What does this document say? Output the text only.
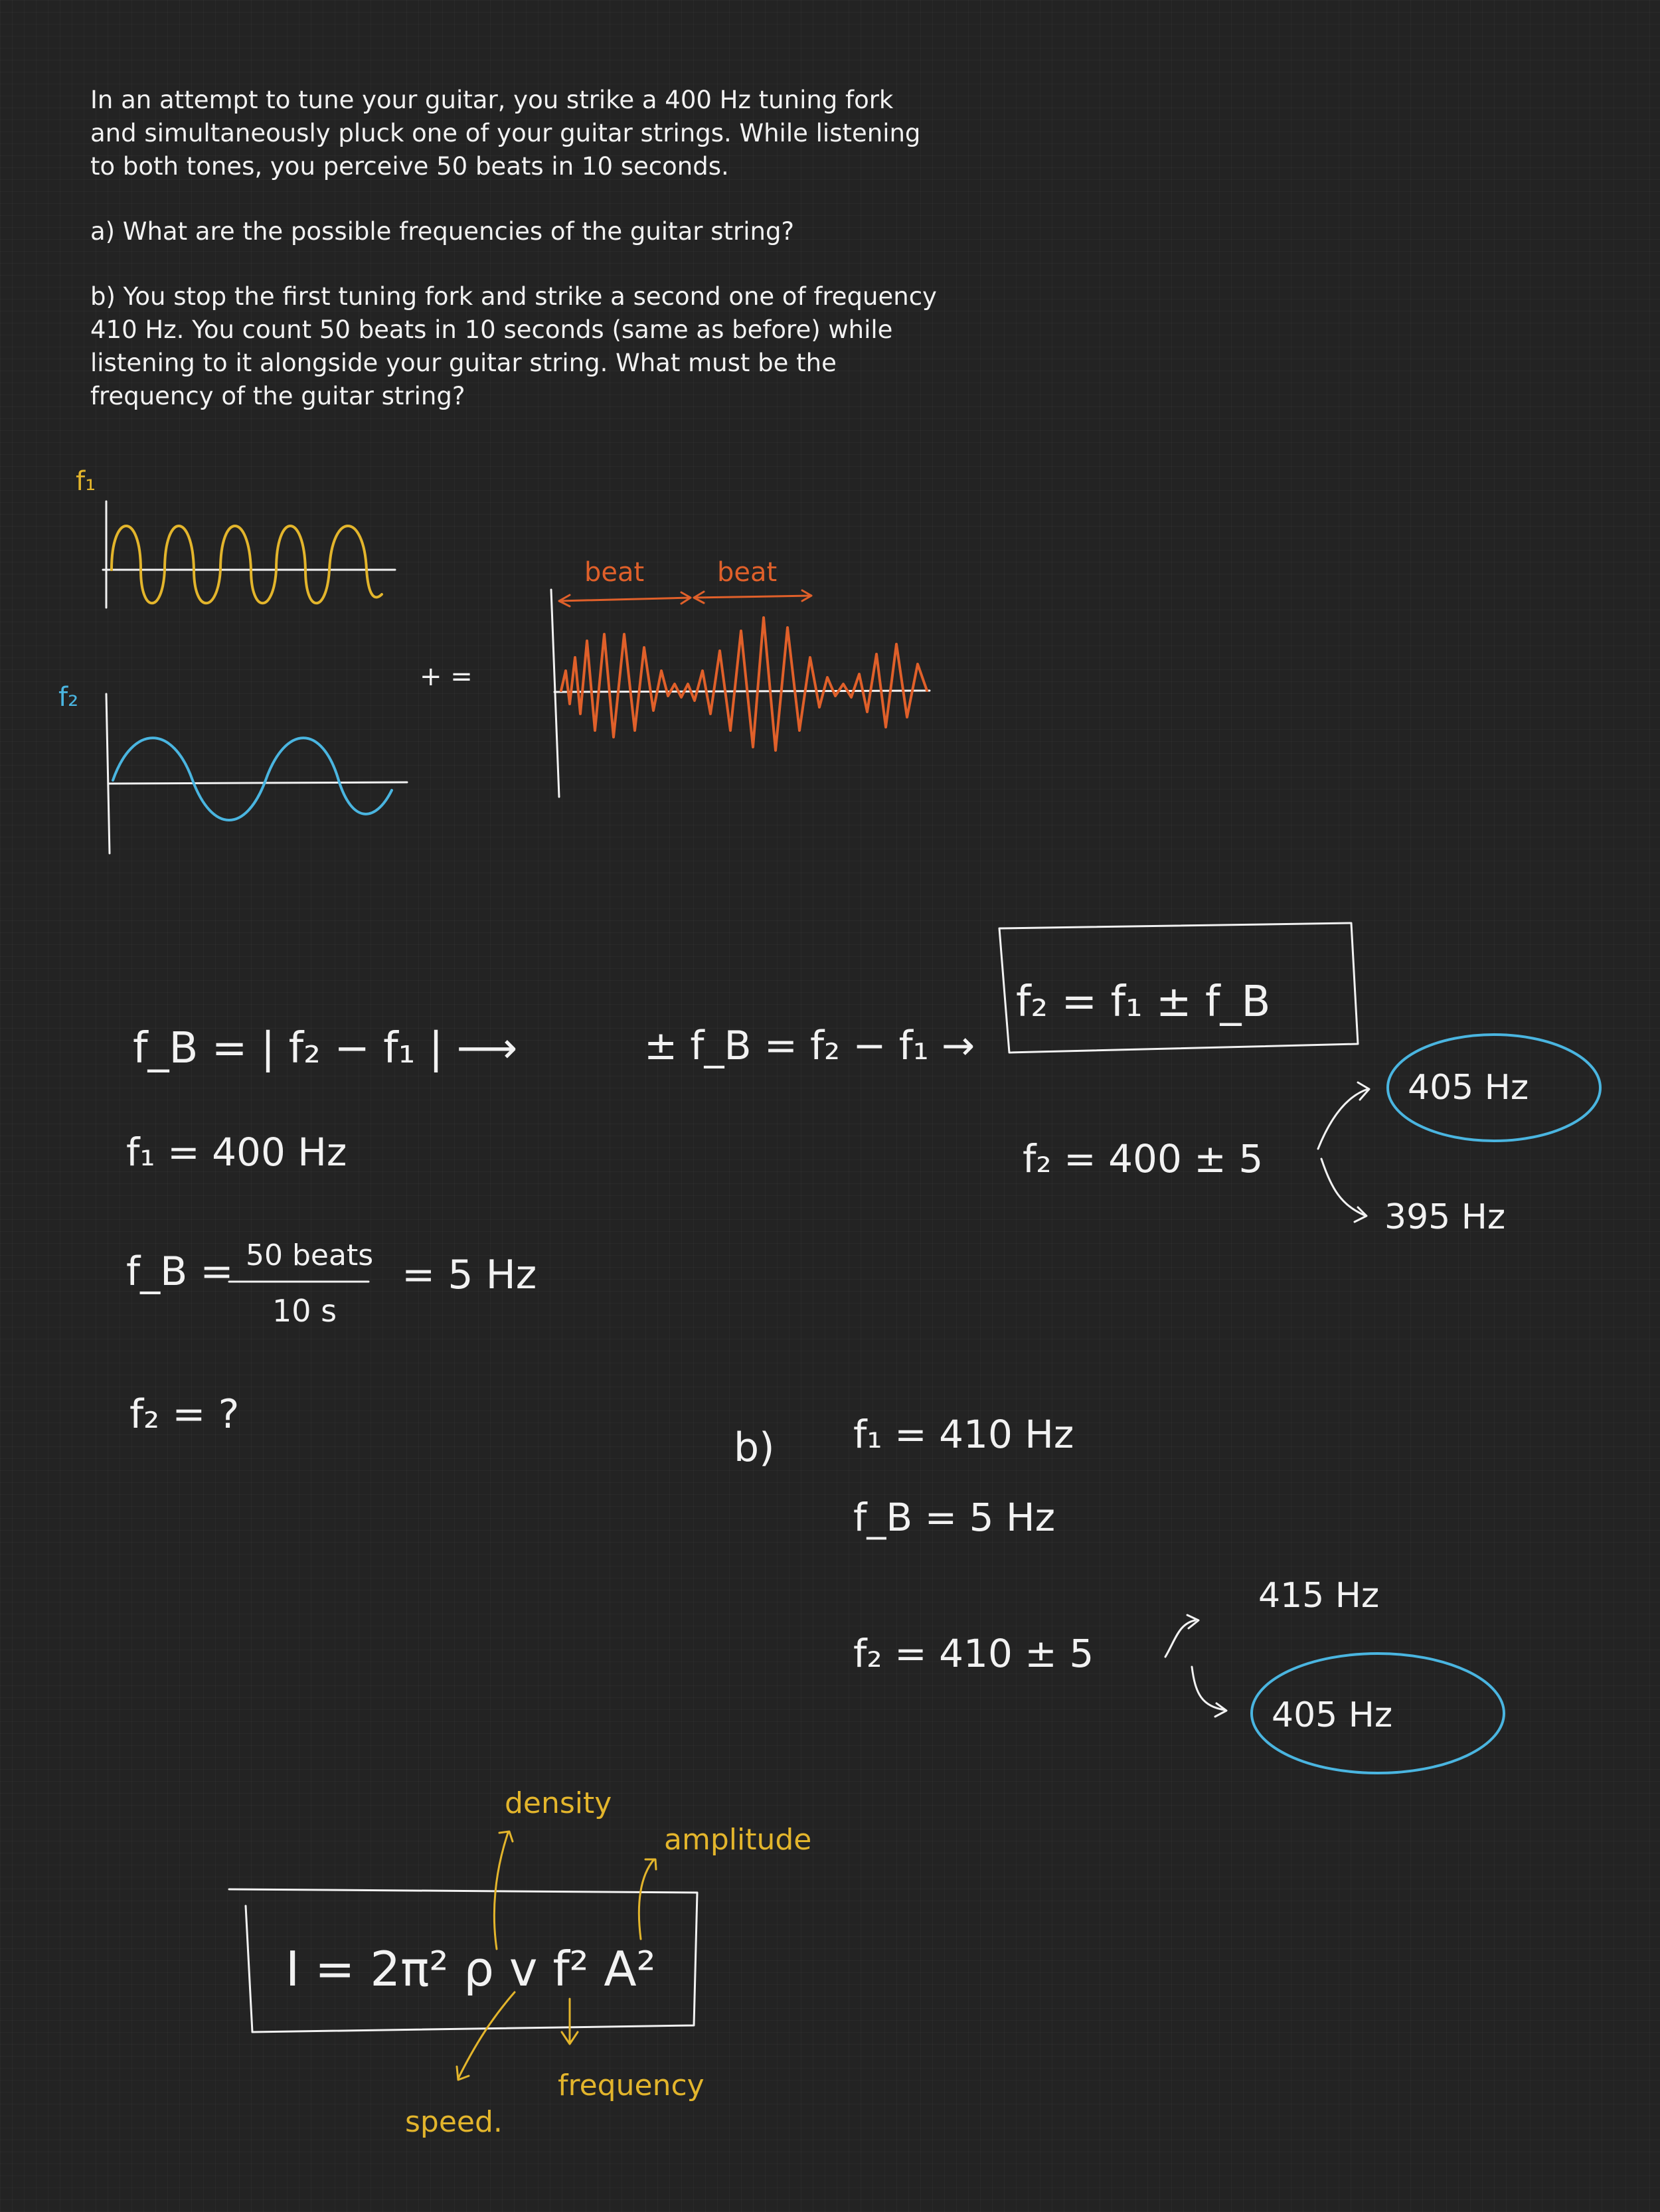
In an attempt to tune your guitar, you strike a 400 Hz tuning fork and simultaneously pluck one of your guitar strings. While listening to both tones, you perceive 50 beats in 10 seconds.

a) What are the possible frequencies of the guitar string?

b) You stop the first tuning fork and strike a second one of frequency 410 Hz. You count 50 beats in 10 seconds (same as before) while listening to it alongside your guitar string. What must be the frequency of the guitar string?

f₁
f₂
+ =
beat	beat
f_B = | f₂ − f₁ | ⟶	± f_B = f₂ − f₁ →
f₂ = f₁ ± f_B
f₁ = 400 Hz
f_B = 50 beats
10 s
= 5 Hz
f₂ = ?
f₂ = 400 ± 5
405 Hz
395 Hz
b) f₁ = 410 Hz
f_B = 5 Hz
f₂ = 410 ± 5
415 Hz
405 Hz
I = 2π² ρ v f² A²
density
amplitude
speed.
frequency
